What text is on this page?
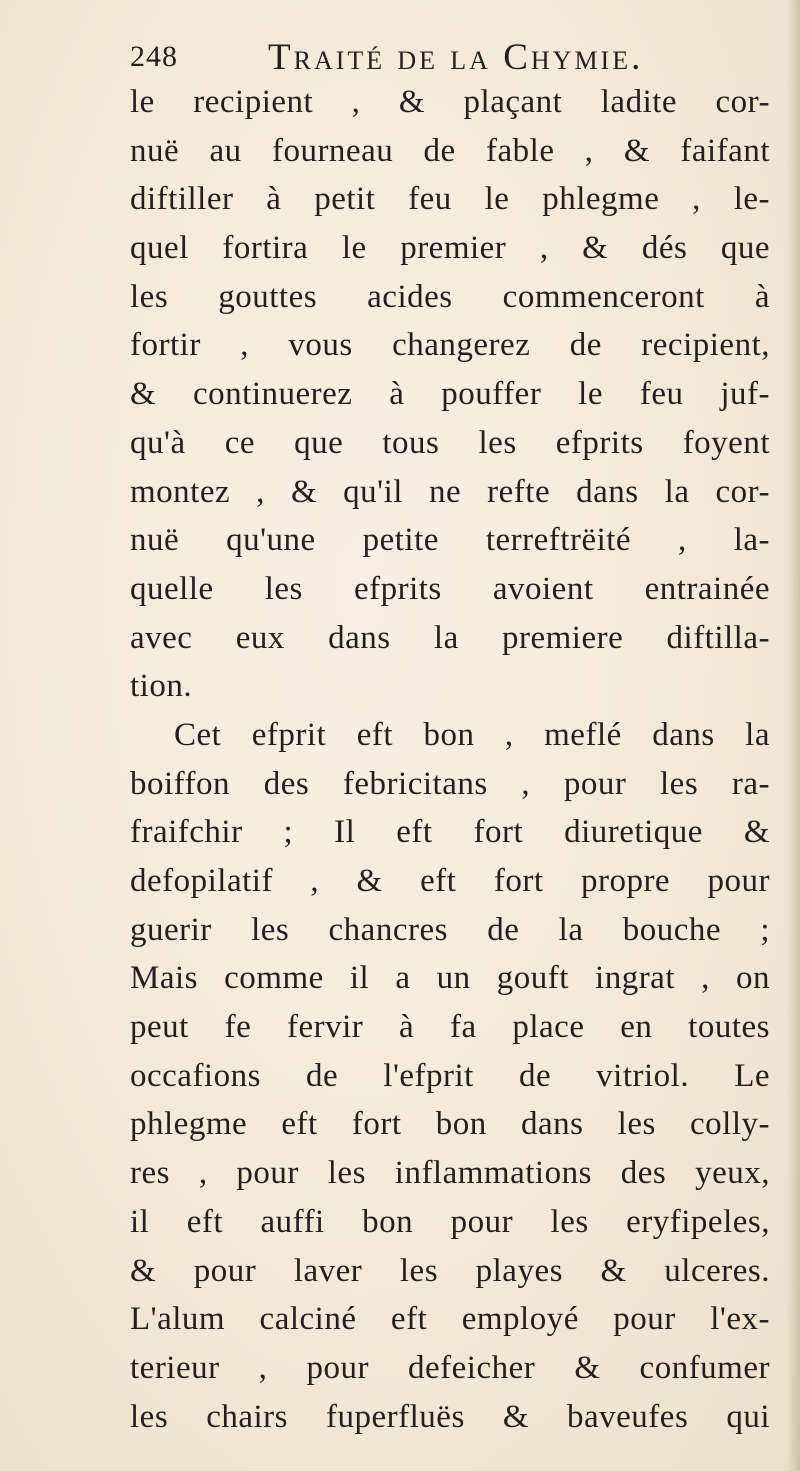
248 Traité de la Chymie.
le recipient , & plaçant ladite cor-
nuë au fourneau de fable , & faifant
diftiller à petit feu le phlegme , le-
quel fortira le premier , & dés que
les gouttes acides commenceront à
fortir , vous changerez de recipient,
& continuerez à pouffer le feu juf-
qu'à ce que tous les efprits foyent
montez , & qu'il ne refte dans la cor-
nuë qu'une petite terreftrëité , la-
quelle les efprits avoient entrainée
avec eux dans la premiere diftilla-
tion.
Cet efprit eft bon , meflé dans la
boiffon des febricitans , pour les ra-
fraifchir ; Il eft fort diuretique &
defopilatif , & eft fort propre pour
guerir les chancres de la bouche ;
Mais comme il a un gouft ingrat , on
peut fe fervir à fa place en toutes
occafions de l'efprit de vitriol. Le
phlegme eft fort bon dans les colly-
res , pour les inflammations des yeux,
il eft auffi bon pour les eryfipeles,
& pour laver les playes & ulceres.
L'alum calciné eft employé pour l'ex-
terieur , pour defeicher & confumer
les chairs fuperfluës & baveufes qui
